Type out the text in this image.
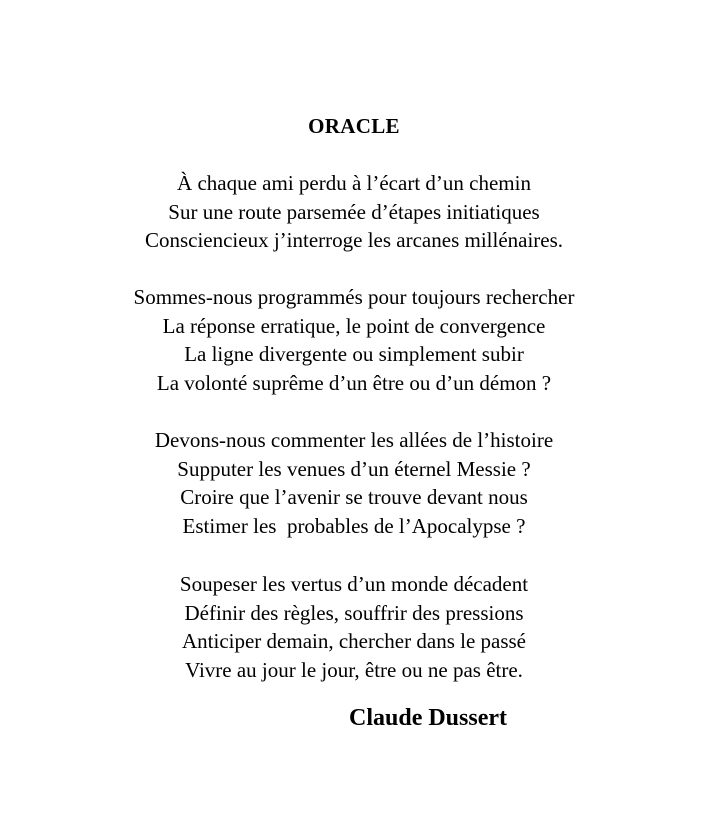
ORACLE
À chaque ami perdu à l’écart d’un chemin
Sur une route parsemée d’étapes initiatiques
Consciencieux j’interroge les arcanes millénaires.
Sommes-nous programmés pour toujours rechercher
La réponse erratique, le point de convergence
La ligne divergente ou simplement subir
La volonté suprême d’un être ou d’un démon ?
Devons-nous commenter les allées de l’histoire
Supputer les venues d’un éternel Messie ?
Croire que l’avenir se trouve devant nous
Estimer les  probables de l’Apocalypse ?
Soupeser les vertus d’un monde décadent
Définir des règles, souffrir des pressions
Anticiper demain, chercher dans le passé
Vivre au jour le jour, être ou ne pas être.
Claude Dussert
